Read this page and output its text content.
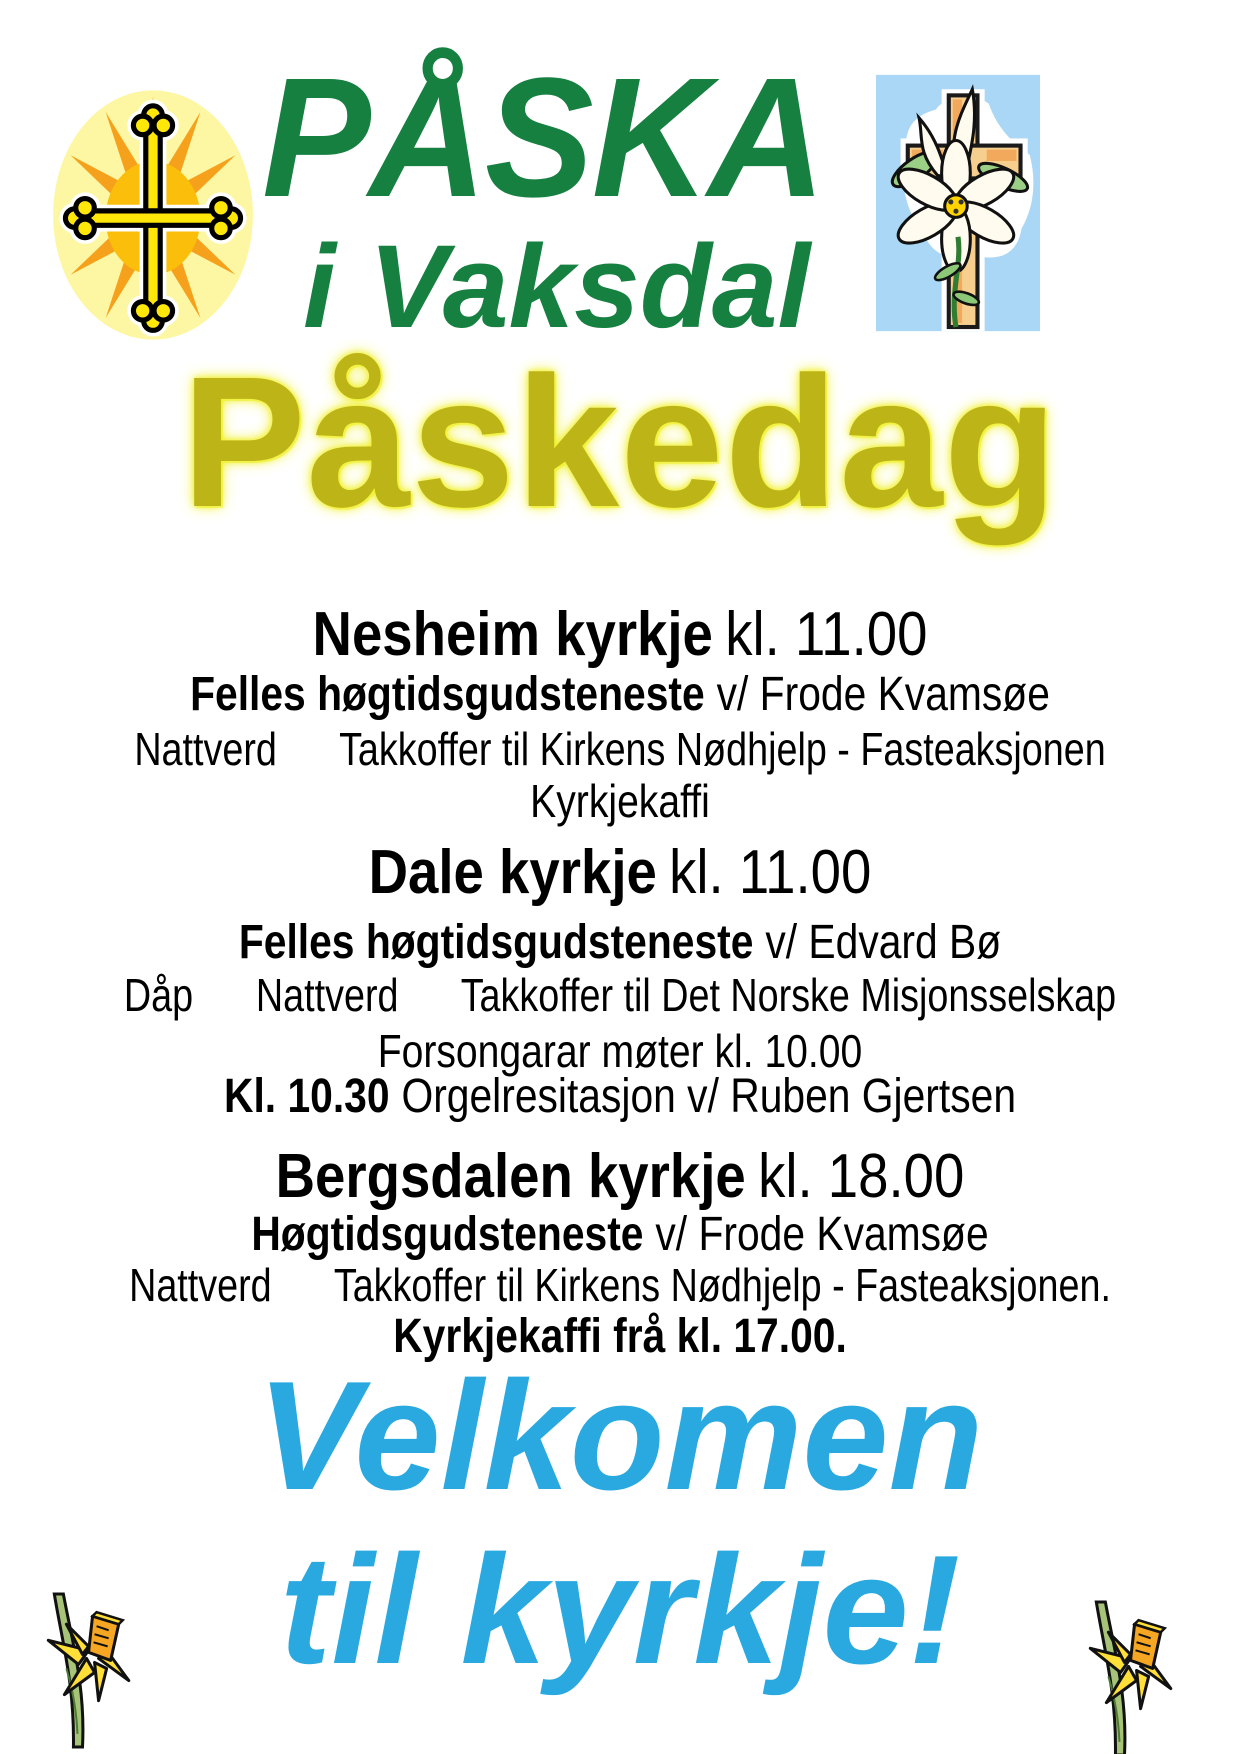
PÅSKA
i Vaksdal
Påskedag
Nesheim kyrkje kl. 11.00
Felles høgtidsgudsteneste v/ Frode Kvamsøe
Nattverd      Takkoffer til Kirkens Nødhjelp - Fasteaksjonen
Kyrkjekaffi
Dale kyrkje kl. 11.00
Felles høgtidsgudsteneste v/ Edvard Bø
Dåp      Nattverd      Takkoffer til Det Norske Misjonsselskap
Forsongarar møter kl. 10.00
Kl. 10.30 Orgelresitasjon v/ Ruben Gjertsen
Bergsdalen kyrkje kl. 18.00
Høgtidsgudsteneste v/ Frode Kvamsøe
Nattverd      Takkoffer til Kirkens Nødhjelp - Fasteaksjonen.
Kyrkjekaffi frå kl. 17.00.
Velkomen
til kyrkje!
